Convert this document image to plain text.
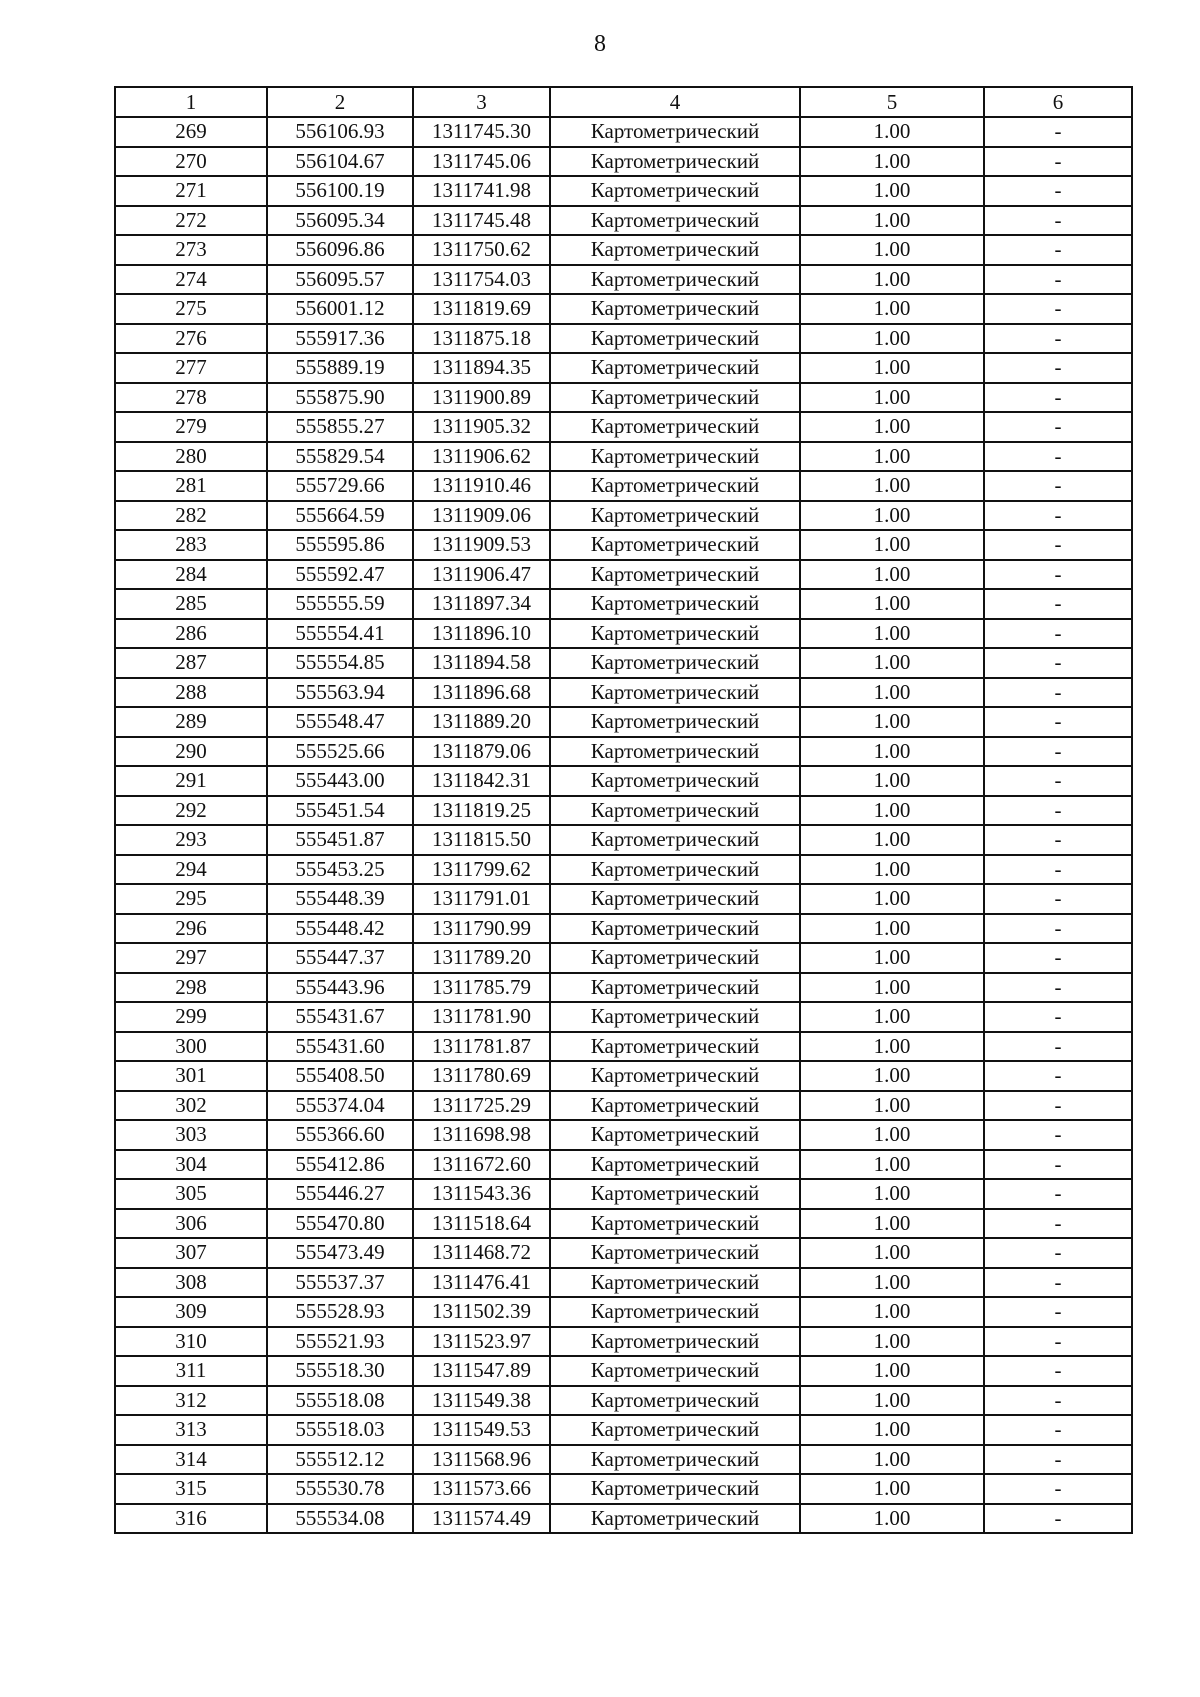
8
1	2	3	4	5	6
269	556106.93	1311745.30	Картометрический	1.00	-
270	556104.67	1311745.06	Картометрический	1.00	-
271	556100.19	1311741.98	Картометрический	1.00	-
272	556095.34	1311745.48	Картометрический	1.00	-
273	556096.86	1311750.62	Картометрический	1.00	-
274	556095.57	1311754.03	Картометрический	1.00	-
275	556001.12	1311819.69	Картометрический	1.00	-
276	555917.36	1311875.18	Картометрический	1.00	-
277	555889.19	1311894.35	Картометрический	1.00	-
278	555875.90	1311900.89	Картометрический	1.00	-
279	555855.27	1311905.32	Картометрический	1.00	-
280	555829.54	1311906.62	Картометрический	1.00	-
281	555729.66	1311910.46	Картометрический	1.00	-
282	555664.59	1311909.06	Картометрический	1.00	-
283	555595.86	1311909.53	Картометрический	1.00	-
284	555592.47	1311906.47	Картометрический	1.00	-
285	555555.59	1311897.34	Картометрический	1.00	-
286	555554.41	1311896.10	Картометрический	1.00	-
287	555554.85	1311894.58	Картометрический	1.00	-
288	555563.94	1311896.68	Картометрический	1.00	-
289	555548.47	1311889.20	Картометрический	1.00	-
290	555525.66	1311879.06	Картометрический	1.00	-
291	555443.00	1311842.31	Картометрический	1.00	-
292	555451.54	1311819.25	Картометрический	1.00	-
293	555451.87	1311815.50	Картометрический	1.00	-
294	555453.25	1311799.62	Картометрический	1.00	-
295	555448.39	1311791.01	Картометрический	1.00	-
296	555448.42	1311790.99	Картометрический	1.00	-
297	555447.37	1311789.20	Картометрический	1.00	-
298	555443.96	1311785.79	Картометрический	1.00	-
299	555431.67	1311781.90	Картометрический	1.00	-
300	555431.60	1311781.87	Картометрический	1.00	-
301	555408.50	1311780.69	Картометрический	1.00	-
302	555374.04	1311725.29	Картометрический	1.00	-
303	555366.60	1311698.98	Картометрический	1.00	-
304	555412.86	1311672.60	Картометрический	1.00	-
305	555446.27	1311543.36	Картометрический	1.00	-
306	555470.80	1311518.64	Картометрический	1.00	-
307	555473.49	1311468.72	Картометрический	1.00	-
308	555537.37	1311476.41	Картометрический	1.00	-
309	555528.93	1311502.39	Картометрический	1.00	-
310	555521.93	1311523.97	Картометрический	1.00	-
311	555518.30	1311547.89	Картометрический	1.00	-
312	555518.08	1311549.38	Картометрический	1.00	-
313	555518.03	1311549.53	Картометрический	1.00	-
314	555512.12	1311568.96	Картометрический	1.00	-
315	555530.78	1311573.66	Картометрический	1.00	-
316	555534.08	1311574.49	Картометрический	1.00	-
